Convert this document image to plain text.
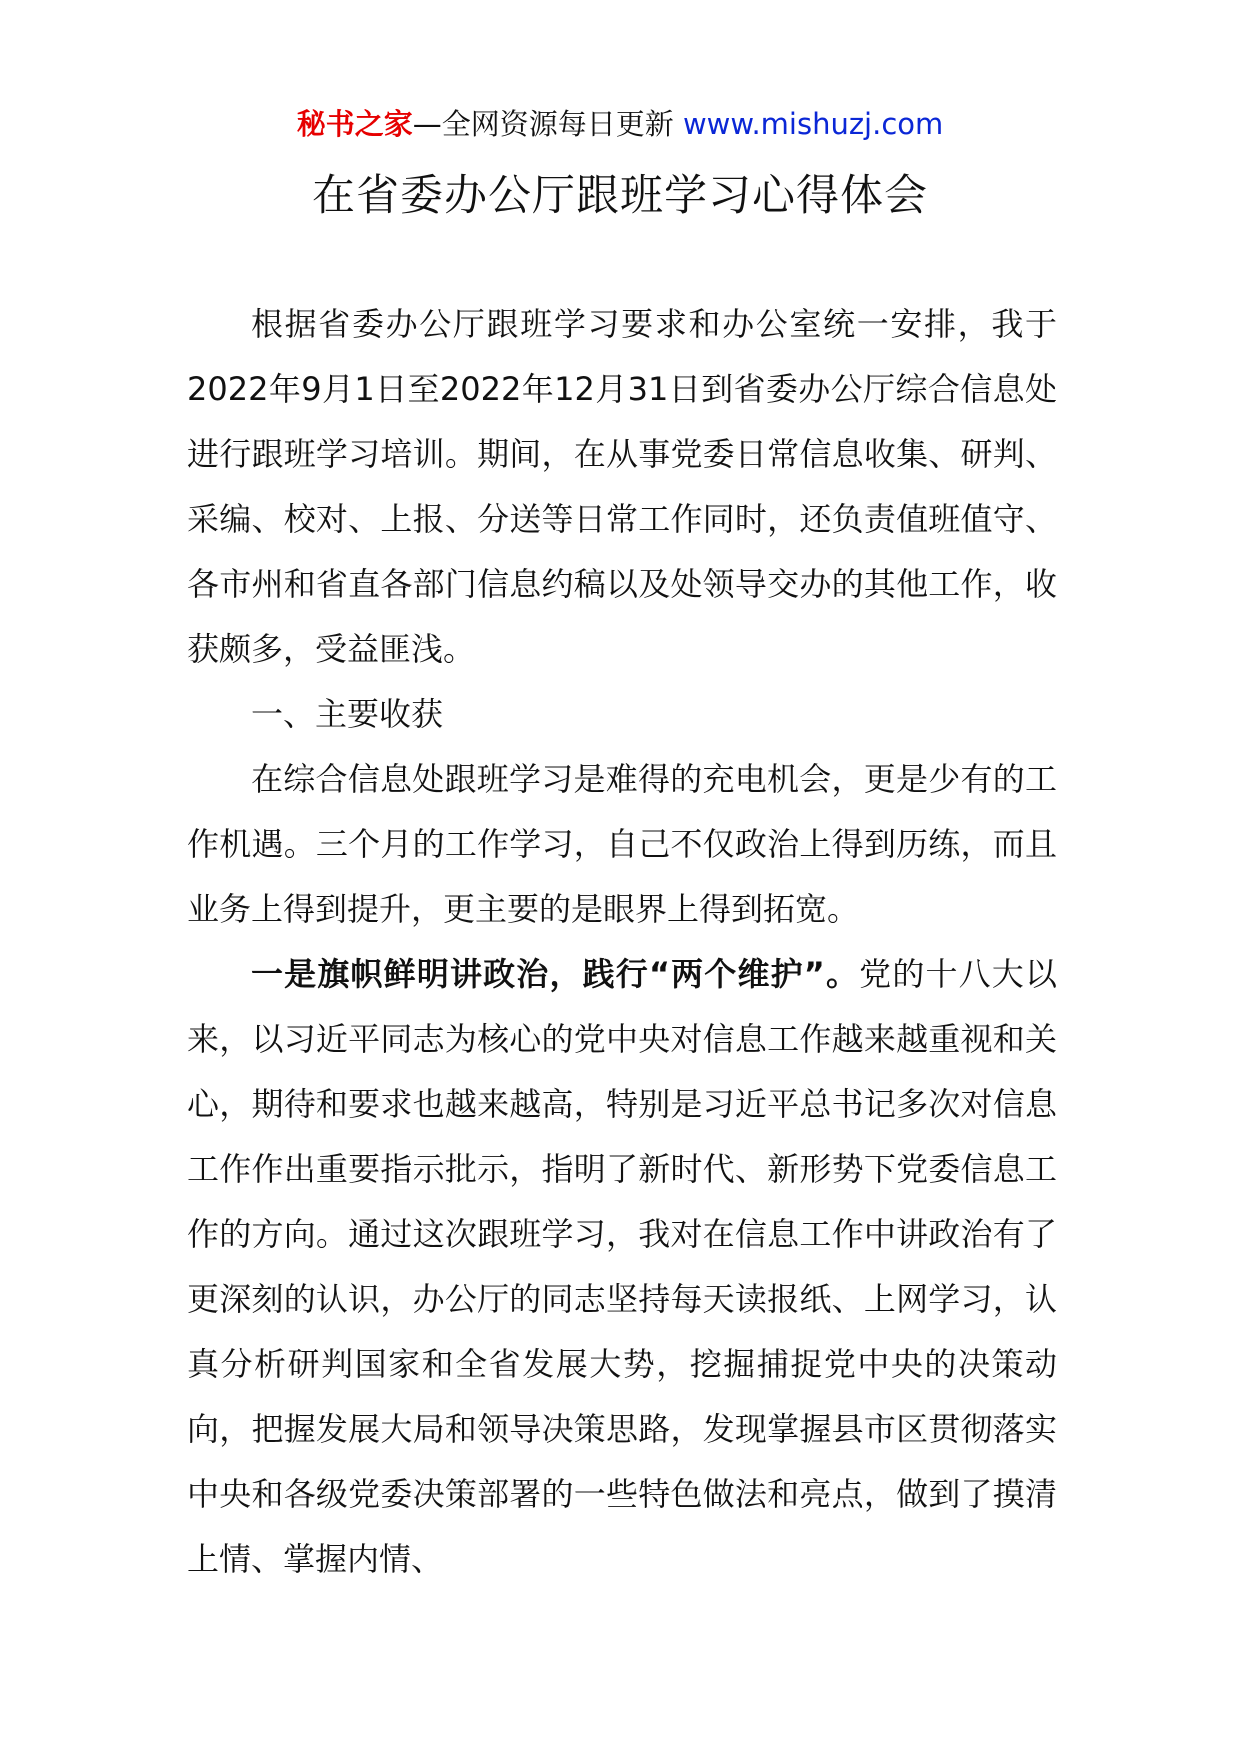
秘书之家—全网资源每日更新 www.mishuzj.com
在省委办公厅跟班学习心得体会

根据省委办公厅跟班学习要求和办公室统一安排，我于2022年9月1日至2022年12月31日到省委办公厅综合信息处进行跟班学习培训。期间，在从事党委日常信息收集、研判、采编、校对、上报、分送等日常工作同时，还负责值班值守、各市州和省直各部门信息约稿以及处领导交办的其他工作，收获颇多，受益匪浅。

一、主要收获

在综合信息处跟班学习是难得的充电机会，更是少有的工作机遇。三个月的工作学习，自己不仅政治上得到历练，而且业务上得到提升，更主要的是眼界上得到拓宽。

一是旗帜鲜明讲政治，践行“两个维护”。党的十八大以来，以习近平同志为核心的党中央对信息工作越来越重视和关心，期待和要求也越来越高，特别是习近平总书记多次对信息工作作出重要指示批示，指明了新时代、新形势下党委信息工作的方向。通过这次跟班学习，我对在信息工作中讲政治有了更深刻的认识，办公厅的同志坚持每天读报纸、上网学习，认真分析研判国家和全省发展大势，挖掘捕捉党中央的决策动向，把握发展大局和领导决策思路，发现掌握县市区贯彻落实中央和各级党委决策部署的一些特色做法和亮点，做到了摸清上情、掌握内情、
